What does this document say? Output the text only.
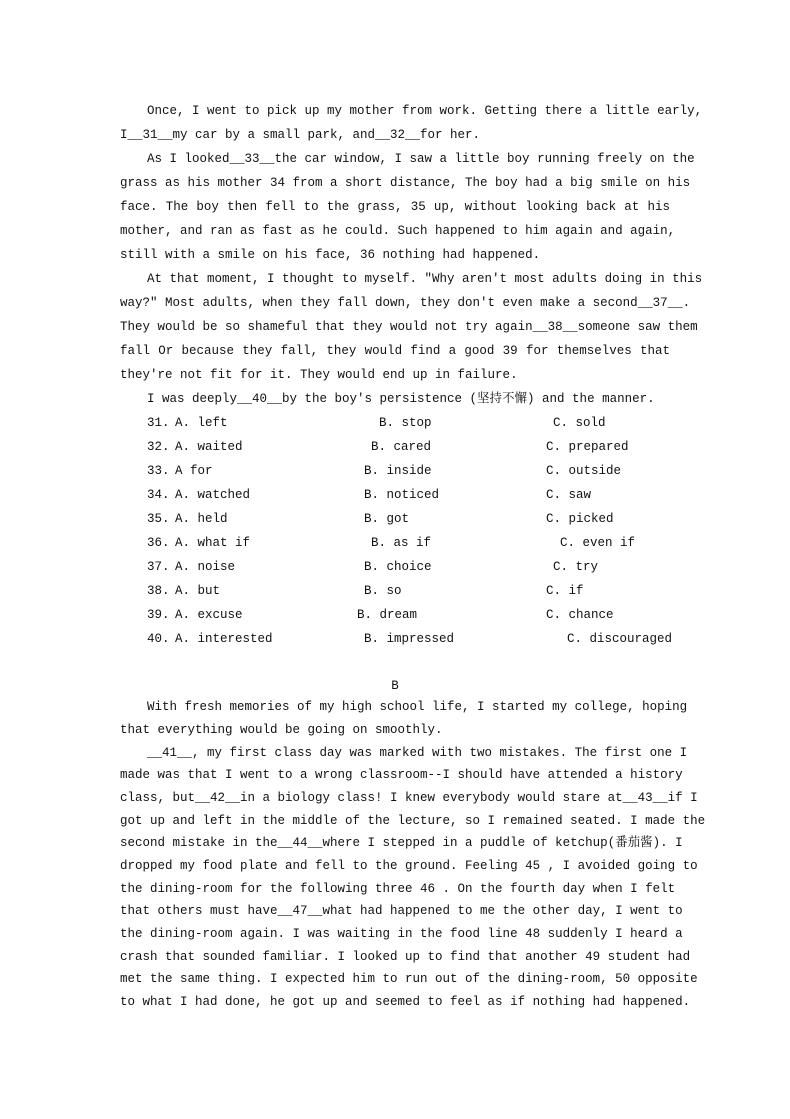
Once, I went to pick up my mother from work. Getting there a little early,
I__31__my car by a small park, and__32__for her.
As I looked__33__the car window, I saw a little boy running freely on the
grass as his mother 34 from a short distance, The boy had a big smile on his
face. The boy then fell to the grass, 35 up, without looking back at his
mother, and ran as fast as he could. Such happened to him again and again,
still with a smile on his face, 36 nothing had happened.
At that moment, I thought to myself. "Why aren't most adults doing in this
way?" Most adults, when they fall down, they don't even make a second__37__.
They would be so shameful that they would not try again__38__someone saw them
fall Or because they fall, they would find a good 39 for themselves that
they're not fit for it. They would end up in failure.
I was deeply__40__by the boy's persistence (坚持不懈) and the manner.
31. A. left	B. stop	C. sold
32. A. waited	B. cared	C. prepared
33. A for	B. inside	C. outside
34. A. watched	B. noticed	C. saw
35. A. held	B. got	C. picked
36. A. what if	B. as if	C. even if
37. A. noise	B. choice	C. try
38. A. but	B. so	C. if
39. A. excuse	B. dream	C. chance
40. A. interested	B. impressed	C. discouraged
B
With fresh memories of my high school life, I started my college, hoping
that everything would be going on smoothly.
__41__, my first class day was marked with two mistakes. The first one I
made was that I went to a wrong classroom--I should have attended a history
class, but__42__in a biology class! I knew everybody would stare at__43__if I
got up and left in the middle of the lecture, so I remained seated. I made the
second mistake in the__44__where I stepped in a puddle of ketchup(番茄酱). I
dropped my food plate and fell to the ground. Feeling 45 , I avoided going to
the dining-room for the following three 46 . On the fourth day when I felt
that others must have__47__what had happened to me the other day, I went to
the dining-room again. I was waiting in the food line 48 suddenly I heard a
crash that sounded familiar. I looked up to find that another 49 student had
met the same thing. I expected him to run out of the dining-room, 50 opposite
to what I had done, he got up and seemed to feel as if nothing had happened.
